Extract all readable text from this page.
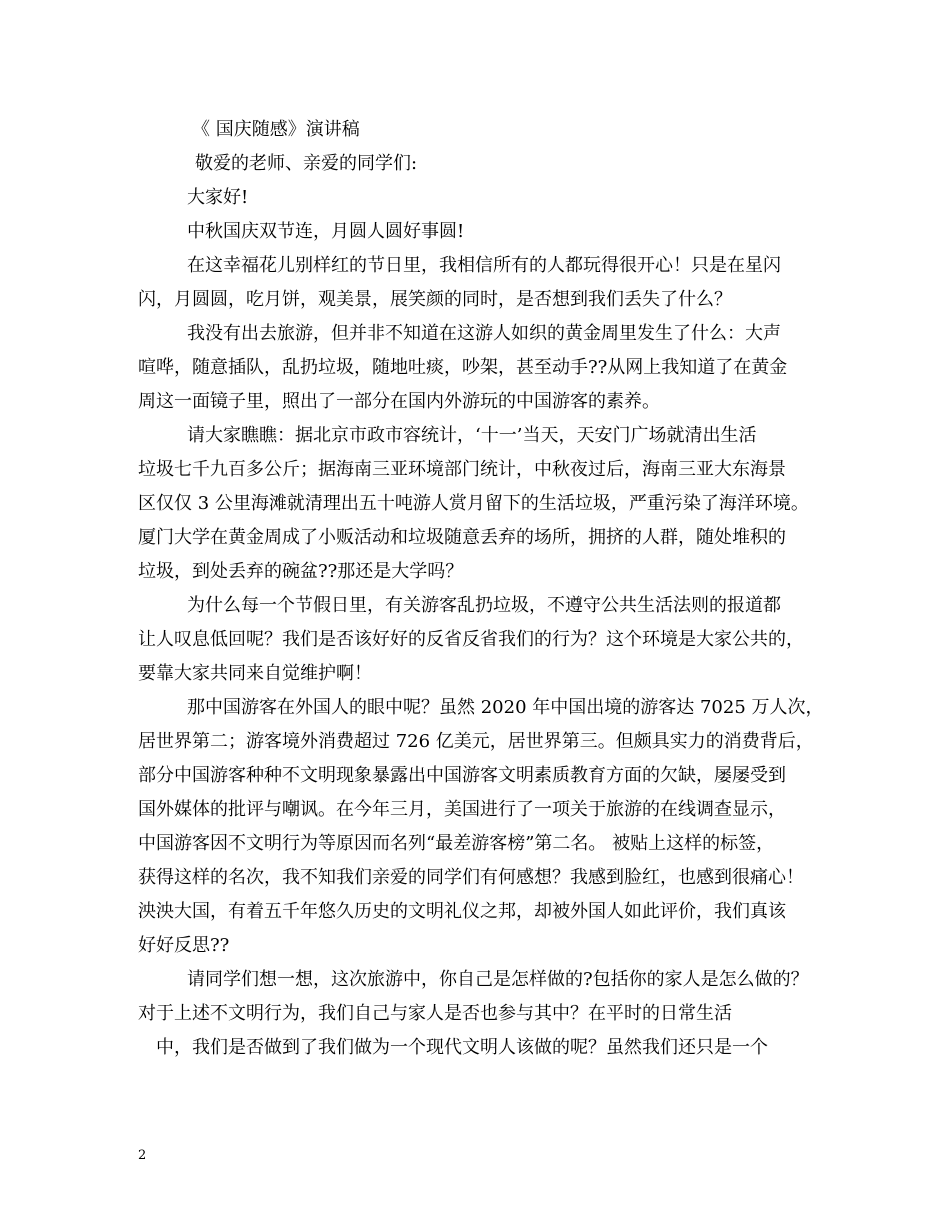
《 国庆随感》演讲稿
敬爱的老师、亲爱的同学们:
大家好!
中秋国庆双节连，月圆人圆好事圆!
在这幸福花儿别样红的节日里，我相信所有的人都玩得很开心！只是在星闪
闪，月圆圆，吃月饼，观美景，展笑颜的同时，是否想到我们丢失了什么？
我没有出去旅游，但并非不知道在这游人如织的黄金周里发生了什么：大声
喧哗，随意插队，乱扔垃圾，随地吐痰，吵架，甚至动手??从网上我知道了在黄金
周这一面镜子里，照出了一部分在国内外游玩的中国游客的素养。
请大家瞧瞧：据北京市政市容统计，‘十一’当天，天安门广场就清出生活
垃圾七千九百多公斤；据海南三亚环境部门统计，中秋夜过后，海南三亚大东海景
区仅仅 3 公里海滩就清理出五十吨游人赏月留下的生活垃圾，严重污染了海洋环境。
厦门大学在黄金周成了小贩活动和垃圾随意丢弃的场所，拥挤的人群，随处堆积的
垃圾，到处丢弃的碗盆??那还是大学吗？
为什么每一个节假日里，有关游客乱扔垃圾，不遵守公共生活法则的报道都
让人叹息低回呢？我们是否该好好的反省反省我们的行为？这个环境是大家公共的，
要靠大家共同来自觉维护啊！
那中国游客在外国人的眼中呢？虽然 2020 年中国出境的游客达 7025 万人次，
居世界第二；游客境外消费超过 726 亿美元，居世界第三。但颇具实力的消费背后，
部分中国游客种种不文明现象暴露出中国游客文明素质教育方面的欠缺，屡屡受到
国外媒体的批评与嘲讽。在今年三月，美国进行了一项关于旅游的在线调查显示，
中国游客因不文明行为等原因而名列“最差游客榜”第二名。 被贴上这样的标签，
获得这样的名次，我不知我们亲爱的同学们有何感想？我感到脸红，也感到很痛心！
泱泱大国，有着五千年悠久历史的文明礼仪之邦，却被外国人如此评价，我们真该
好好反思??
请同学们想一想，这次旅游中，你自己是怎样做的?包括你的家人是怎么做的？
对于上述不文明行为，我们自己与家人是否也参与其中？在平时的日常生活
中，我们是否做到了我们做为一个现代文明人该做的呢？虽然我们还只是一个
2
